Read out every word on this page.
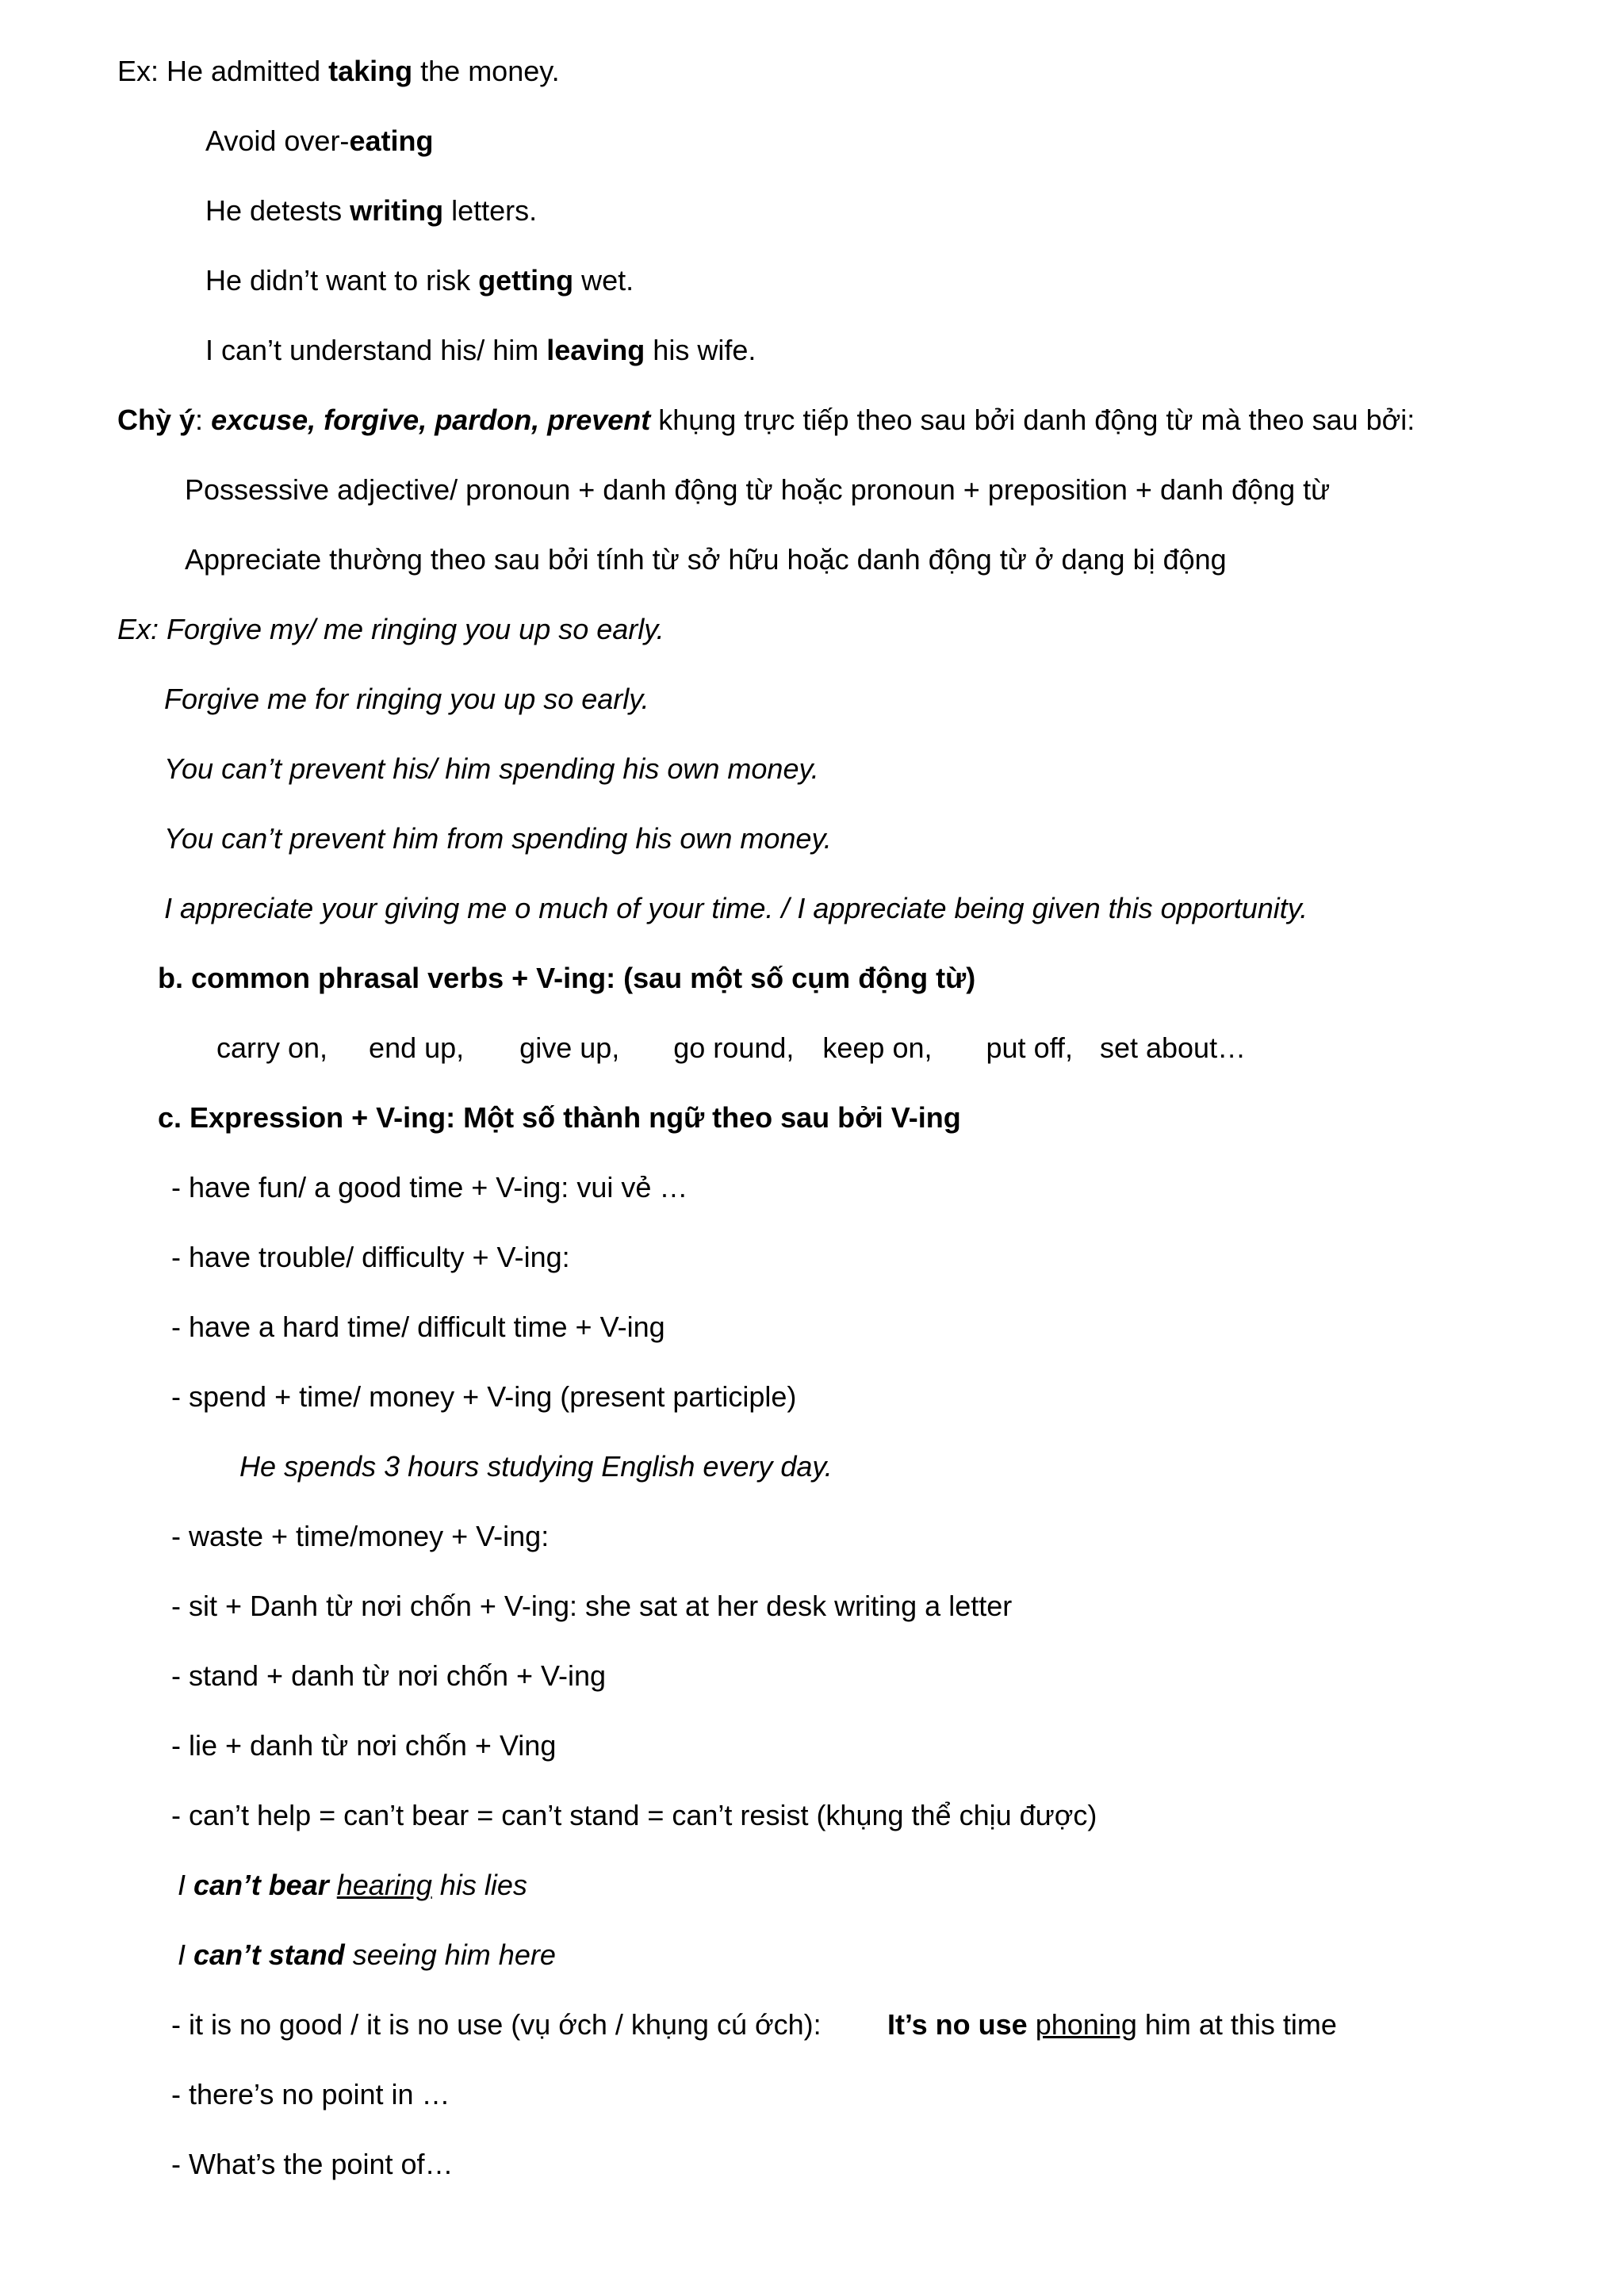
Ex: He admitted taking the money.
Avoid over-eating
He detests writing letters.
He didn’t want to risk getting wet.
I can’t understand his/ him leaving his wife.
Chỳ ý: excuse, forgive, pardon, prevent khụng trực tiếp theo sau bởi danh động từ mà theo sau bởi:
Possessive adjective/ pronoun + danh động từ hoặc pronoun + preposition + danh động từ
Appreciate thường theo sau bởi tính từ sở hữu hoặc danh động từ ở dạng bị động
Ex: Forgive my/ me ringing you up so early.
Forgive me for ringing you up so early.
You can’t prevent his/ him spending his own money.
You can’t prevent him from spending his own money.
I appreciate your giving me o much of your time. / I appreciate being given this opportunity.
b. common phrasal verbs + V-ing: (sau một số cụm động từ)
carry on, end up, give up, go round, keep on, put off, set about…
c. Expression + V-ing: Một số thành ngữ theo sau bởi V-ing
- have fun/ a good time + V-ing: vui vẻ …
- have trouble/ difficulty + V-ing:
- have a hard time/ difficult time + V-ing
- spend + time/ money + V-ing (present participle)
He spends 3 hours studying English every day.
- waste + time/money + V-ing:
- sit + Danh từ nơi chốn + V-ing: she sat at her desk writing a letter
- stand + danh từ nơi chốn + V-ing
- lie + danh từ nơi chốn + Ving
- can’t help = can’t bear = can’t stand = can’t resist (khụng thể chịu được)
I can’t bear hearing his lies
I can’t stand seeing him here
- it is no good / it is no use (vụ ớch / khụng cú ớch): It’s no use phoning him at this time
- there’s no point in …
- What’s the point of…
